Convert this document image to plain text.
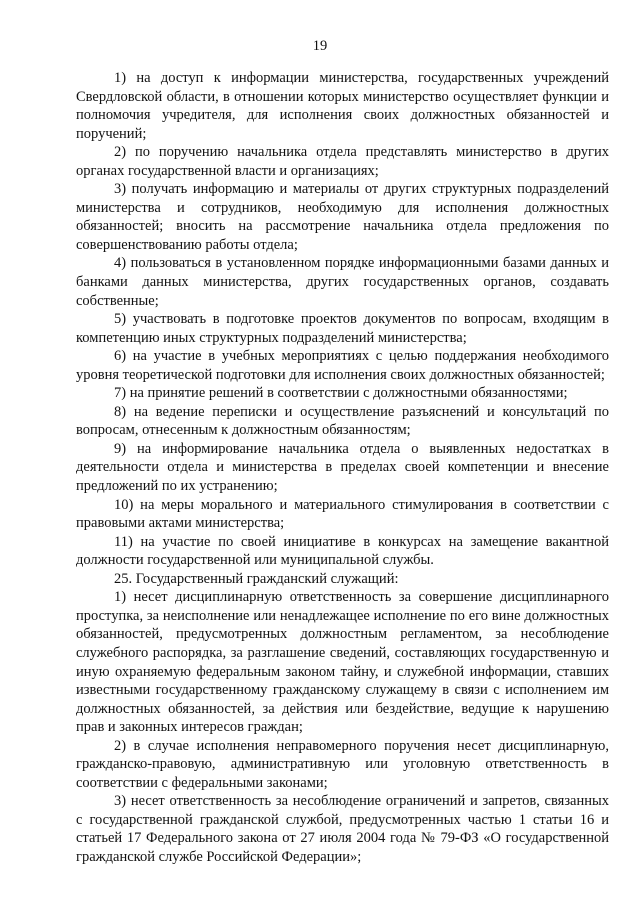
19

1) на доступ к информации министерства, государственных учреждений Свердловской области, в отношении которых министерство осуществляет функции и полномочия учредителя, для исполнения своих должностных обязанностей и поручений;

2) по поручению начальника отдела представлять министерство в других органах государственной власти и организациях;

3) получать информацию и материалы от других структурных подразделений министерства и сотрудников, необходимую для исполнения должностных обязанностей; вносить на рассмотрение начальника отдела предложения по совершенствованию работы отдела;

4) пользоваться в установленном порядке информационными базами данных и банками данных министерства, других государственных органов, создавать собственные;

5) участвовать в подготовке проектов документов по вопросам, входящим в компетенцию иных структурных подразделений министерства;

6) на участие в учебных мероприятиях с целью поддержания необходимого уровня теоретической подготовки для исполнения своих должностных обязанностей;

7) на принятие решений в соответствии с должностными обязанностями;

8) на ведение переписки и осуществление разъяснений и консультаций по вопросам, отнесенным к должностным обязанностям;

9) на информирование начальника отдела о выявленных недостатках в деятельности отдела и министерства в пределах своей компетенции и внесение предложений по их устранению;

10) на меры морального и материального стимулирования в соответствии с правовыми актами министерства;

11) на участие по своей инициативе в конкурсах на замещение вакантной должности государственной или муниципальной службы.

25. Государственный гражданский служащий:

1) несет дисциплинарную ответственность за совершение дисциплинарного проступка, за неисполнение или ненадлежащее исполнение по его вине должностных обязанностей, предусмотренных должностным регламентом, за несоблюдение служебного распорядка, за разглашение сведений, составляющих государственную и иную охраняемую федеральным законом тайну, и служебной информации, ставших известными государственному гражданскому служащему в связи с исполнением им должностных обязанностей, за действия или бездействие, ведущие к нарушению прав и законных интересов граждан;

2) в случае исполнения неправомерного поручения несет дисциплинарную, гражданско-правовую, административную или уголовную ответственность в соответствии с федеральными законами;

3) несет ответственность за несоблюдение ограничений и запретов, связанных с государственной гражданской службой, предусмотренных частью 1 статьи 16 и статьей 17 Федерального закона от 27 июля 2004 года № 79-ФЗ «О государственной гражданской службе Российской Федерации»;
